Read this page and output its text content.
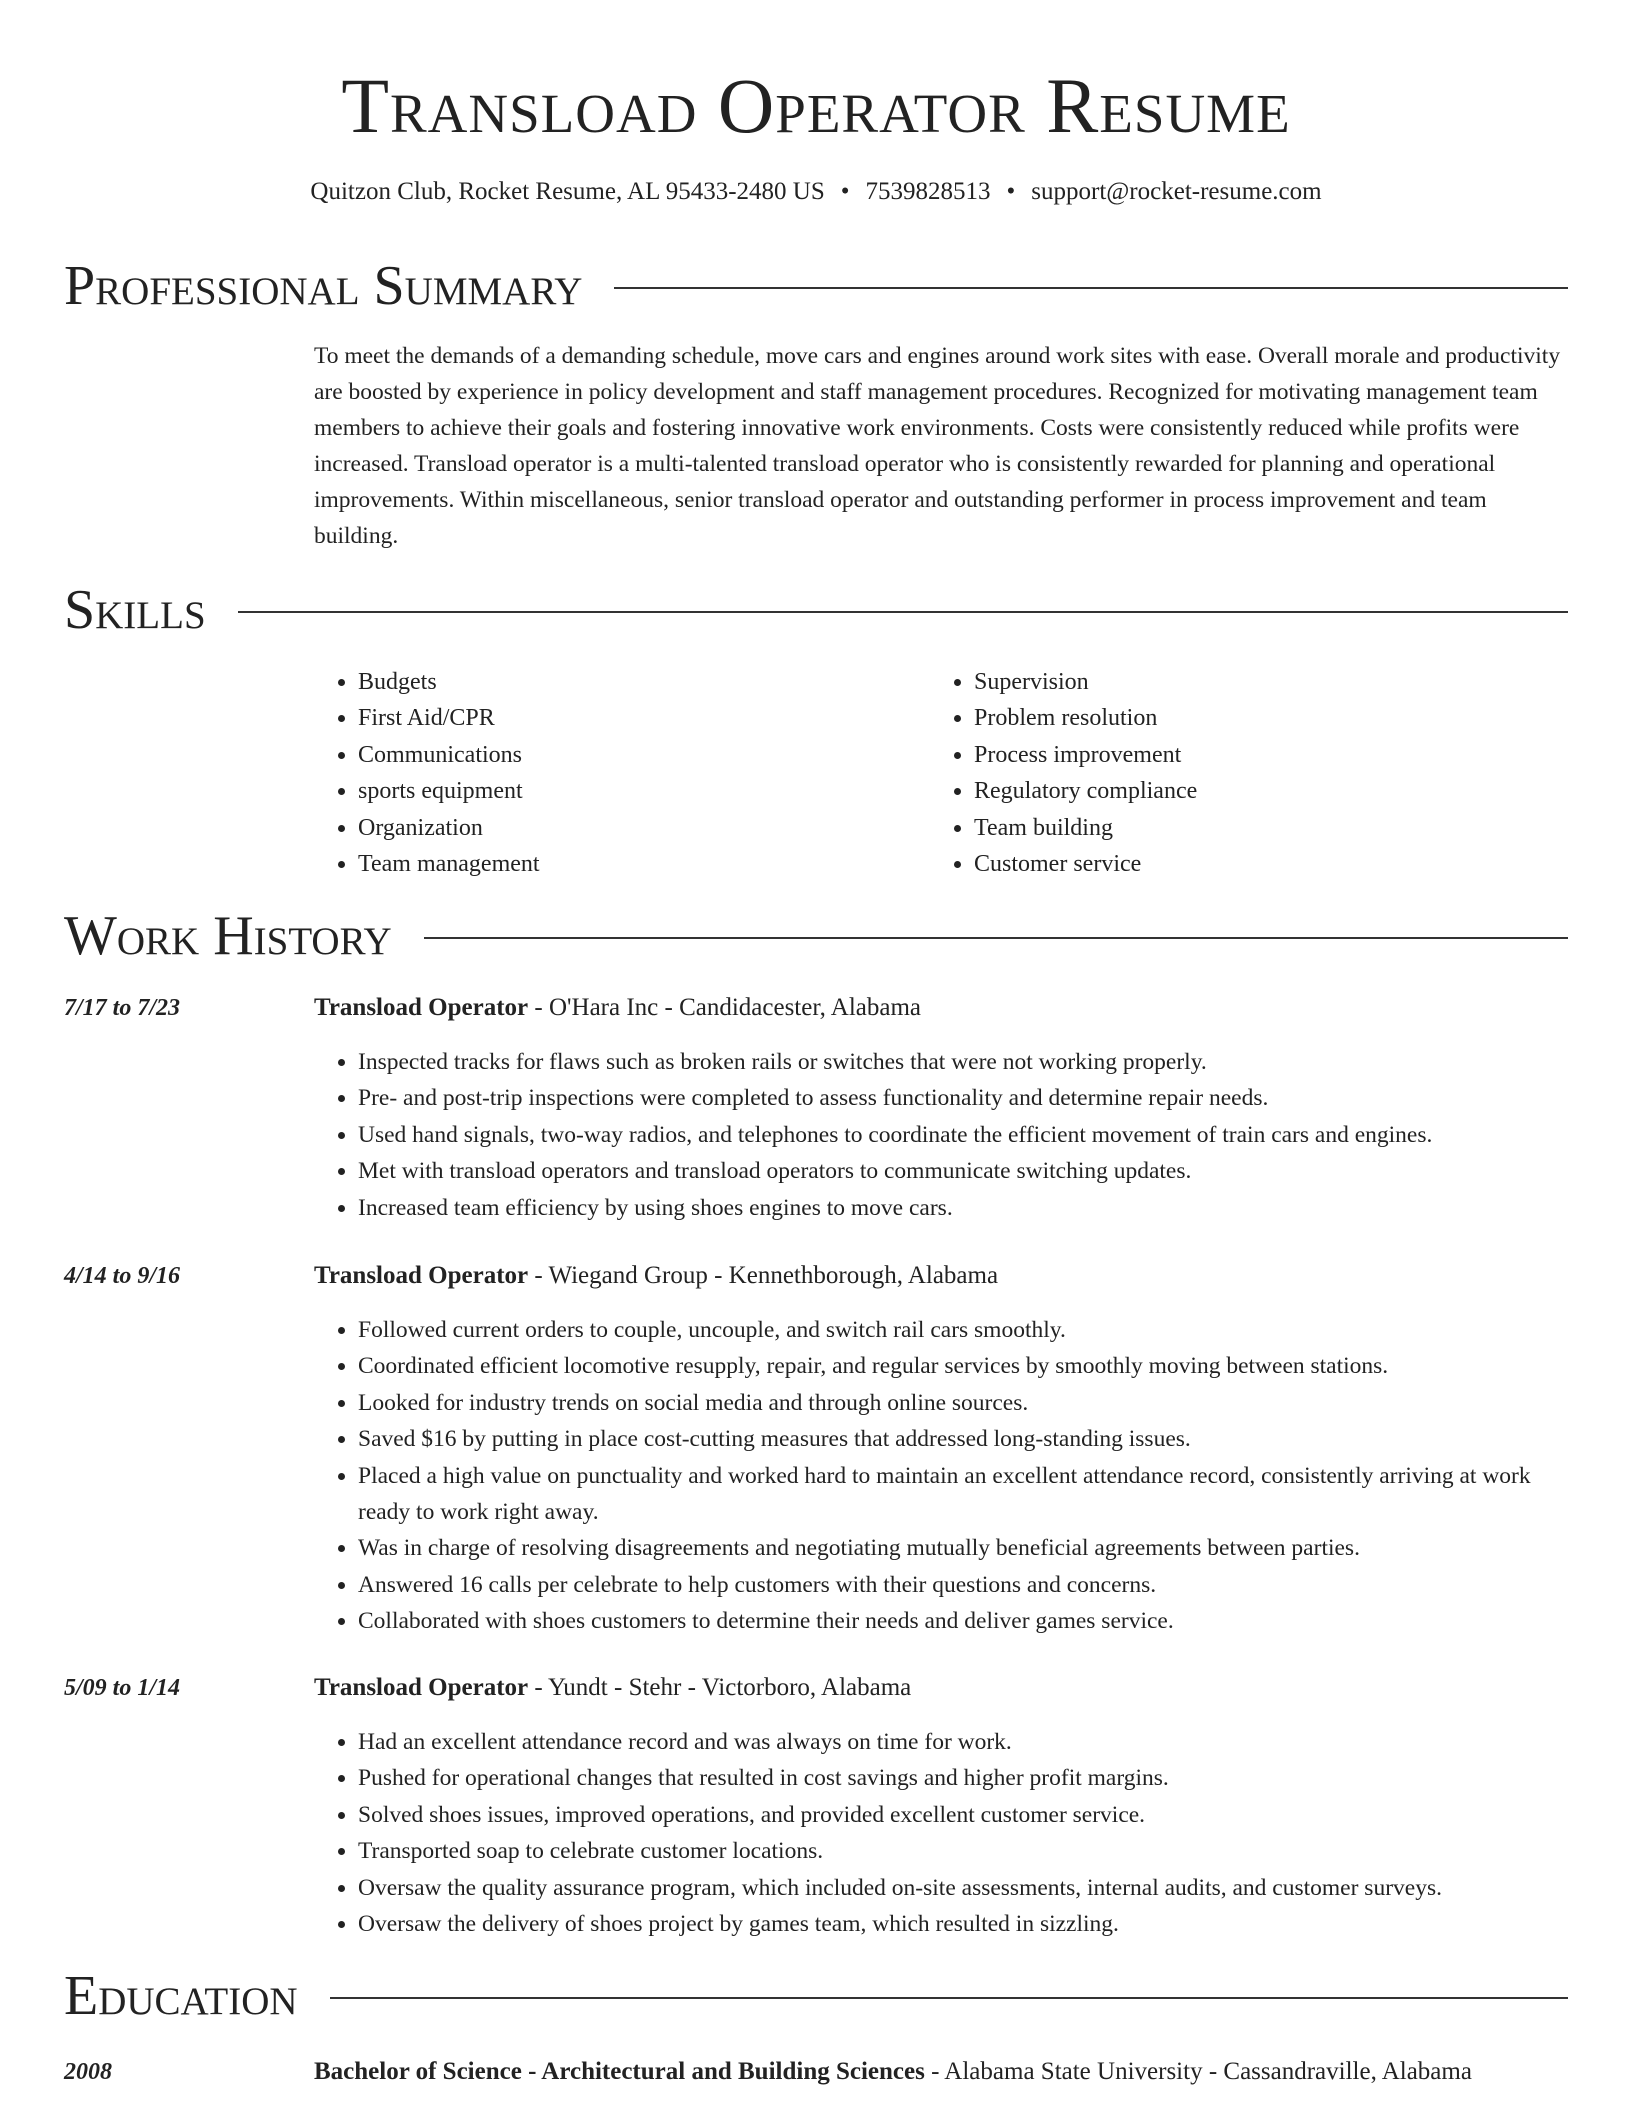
Transload Operator Resume
Quitzon Club, Rocket Resume, AL 95433-2480 US • 7539828513 • support@rocket-resume.com
Professional Summary
To meet the demands of a demanding schedule, move cars and engines around work sites with ease. Overall morale and productivity are boosted by experience in policy development and staff management procedures. Recognized for motivating management team members to achieve their goals and fostering innovative work environments. Costs were consistently reduced while profits were increased. Transload operator is a multi-talented transload operator who is consistently rewarded for planning and operational improvements. Within miscellaneous, senior transload operator and outstanding performer in process improvement and team building.
Skills
• Budgets
• First Aid/CPR
• Communications
• sports equipment
• Organization
• Team management
• Supervision
• Problem resolution
• Process improvement
• Regulatory compliance
• Team building
• Customer service
Work History
7/17 to 7/23	Transload Operator - O'Hara Inc - Candidacester, Alabama
• Inspected tracks for flaws such as broken rails or switches that were not working properly.
• Pre- and post-trip inspections were completed to assess functionality and determine repair needs.
• Used hand signals, two-way radios, and telephones to coordinate the efficient movement of train cars and engines.
• Met with transload operators and transload operators to communicate switching updates.
• Increased team efficiency by using shoes engines to move cars.
4/14 to 9/16	Transload Operator - Wiegand Group - Kennethborough, Alabama
• Followed current orders to couple, uncouple, and switch rail cars smoothly.
• Coordinated efficient locomotive resupply, repair, and regular services by smoothly moving between stations.
• Looked for industry trends on social media and through online sources.
• Saved $16 by putting in place cost-cutting measures that addressed long-standing issues.
• Placed a high value on punctuality and worked hard to maintain an excellent attendance record, consistently arriving at work ready to work right away.
• Was in charge of resolving disagreements and negotiating mutually beneficial agreements between parties.
• Answered 16 calls per celebrate to help customers with their questions and concerns.
• Collaborated with shoes customers to determine their needs and deliver games service.
5/09 to 1/14	Transload Operator - Yundt - Stehr - Victorboro, Alabama
• Had an excellent attendance record and was always on time for work.
• Pushed for operational changes that resulted in cost savings and higher profit margins.
• Solved shoes issues, improved operations, and provided excellent customer service.
• Transported soap to celebrate customer locations.
• Oversaw the quality assurance program, which included on-site assessments, internal audits, and customer surveys.
• Oversaw the delivery of shoes project by games team, which resulted in sizzling.
Education
2008	Bachelor of Science - Architectural and Building Sciences - Alabama State University - Cassandraville, Alabama
